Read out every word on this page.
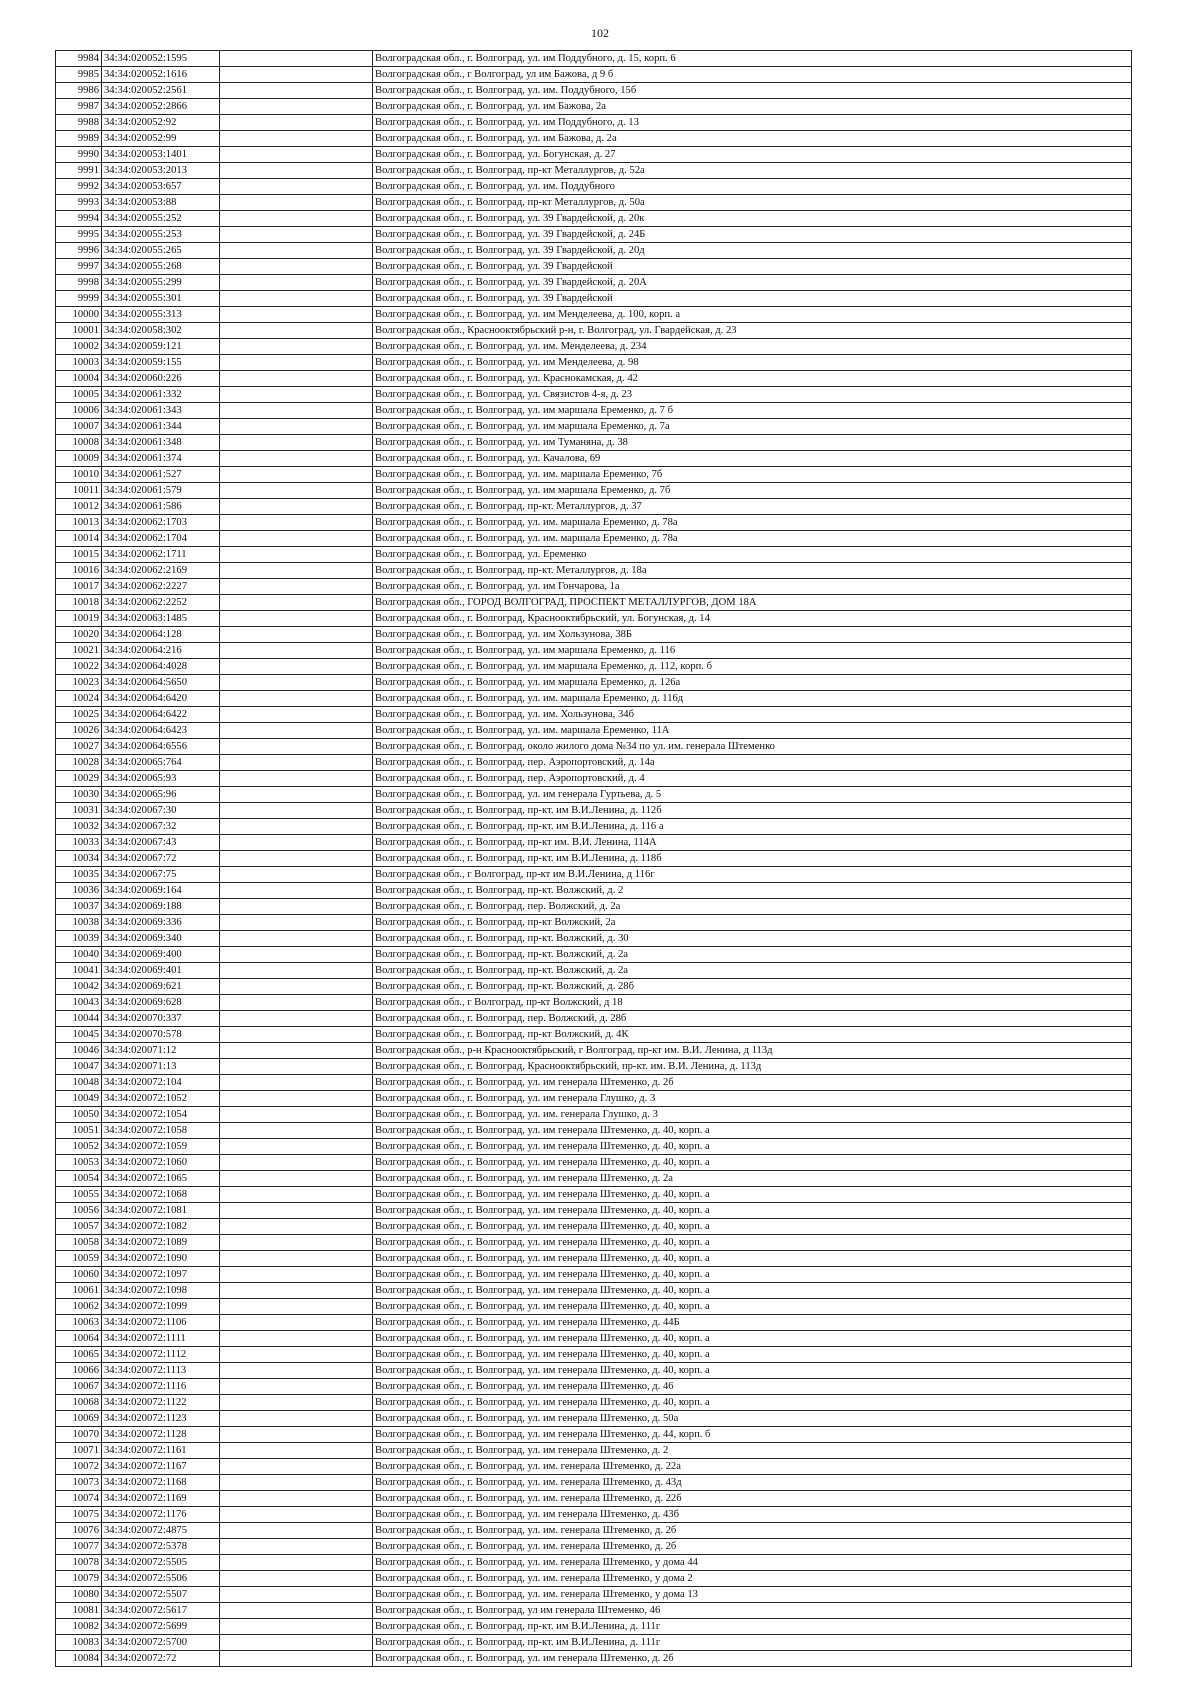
102
9984	34:34:020052:1595		Волгоградская обл., г. Волгоград, ул. им Поддубного, д. 15, корп. 6
9985	34:34:020052:1616		Волгоградская обл., г Волгоград, ул им Бажова, д 9 б
9986	34:34:020052:2561		Волгоградская обл., г. Волгоград, ул. им. Поддубного, 15б
9987	34:34:020052:2866		Волгоградская обл., г. Волгоград, ул. им Бажова, 2а
9988	34:34:020052:92		Волгоградская обл., г. Волгоград, ул. им Поддубного, д. 13
9989	34:34:020052:99		Волгоградская обл., г. Волгоград, ул. им Бажова, д. 2а
9990	34:34:020053:1401		Волгоградская обл., г. Волгоград, ул. Богунская, д. 27
9991	34:34:020053:2013		Волгоградская обл., г. Волгоград, пр-кт Металлургов, д. 52а
9992	34:34:020053:657		Волгоградская обл., г. Волгоград, ул. им. Поддубного
9993	34:34:020053:88		Волгоградская обл., г. Волгоград, пр-кт Металлургов, д. 50а
9994	34:34:020055:252		Волгоградская обл., г. Волгоград, ул. 39 Гвардейской, д. 20к
9995	34:34:020055:253		Волгоградская обл., г. Волгоград, ул. 39 Гвардейской, д. 24Б
9996	34:34:020055:265		Волгоградская обл., г. Волгоград, ул. 39 Гвардейской, д. 20д
9997	34:34:020055:268		Волгоградская обл., г. Волгоград, ул. 39 Гвардейской
9998	34:34:020055:299		Волгоградская обл., г. Волгоград, ул. 39 Гвардейской, д. 20А
9999	34:34:020055:301		Волгоградская обл., г. Волгоград, ул. 39 Гвардейской
10000	34:34:020055:313		Волгоградская обл., г. Волгоград, ул. им Менделеева, д. 100, корп. а
10001	34:34:020058:302		Волгоградская обл., Краснооктябрьский р-н, г. Волгоград, ул. Гвардейская, д. 23
10002	34:34:020059:121		Волгоградская обл., г. Волгоград, ул. им. Менделеева, д. 234
10003	34:34:020059:155		Волгоградская обл., г. Волгоград, ул. им Менделеева, д. 98
10004	34:34:020060:226		Волгоградская обл., г. Волгоград, ул. Краснокамская, д. 42
10005	34:34:020061:332		Волгоградская обл., г. Волгоград, ул. Связистов 4-я, д. 23
10006	34:34:020061:343		Волгоградская обл., г. Волгоград, ул. им маршала Еременко, д. 7 б
10007	34:34:020061:344		Волгоградская обл., г. Волгоград, ул. им маршала Еременко, д. 7а
10008	34:34:020061:348		Волгоградская обл., г. Волгоград, ул. им Туманяна, д. 38
10009	34:34:020061:374		Волгоградская обл., г. Волгоград, ул. Качалова, 69
10010	34:34:020061:527		Волгоградская обл., г. Волгоград, ул. им. маршала Еременко, 7б
10011	34:34:020061:579		Волгоградская обл., г. Волгоград, ул. им маршала Еременко, д. 7б
10012	34:34:020061:586		Волгоградская обл., г. Волгоград, пр-кт. Металлургов, д. 37
10013	34:34:020062:1703		Волгоградская обл., г. Волгоград, ул. им. маршала Еременко, д. 78а
10014	34:34:020062:1704		Волгоградская обл., г. Волгоград, ул. им. маршала Еременко, д. 78а
10015	34:34:020062:1711		Волгоградская обл., г. Волгоград, ул. Еременко
10016	34:34:020062:2169		Волгоградская обл., г. Волгоград, пр-кт. Металлургов, д. 18а
10017	34:34:020062:2227		Волгоградская обл., г. Волгоград, ул. им Гончарова, 1а
10018	34:34:020062:2252		Волгоградская обл., ГОРОД ВОЛГОГРАД, ПРОСПЕКТ МЕТАЛЛУРГОВ, ДОМ 18А
10019	34:34:020063:1485		Волгоградская обл., г. Волгоград, Краснооктябрьский, ул. Богунская, д. 14
10020	34:34:020064:128		Волгоградская обл., г. Волгоград, ул. им Хользунова, 38Б
10021	34:34:020064:216		Волгоградская обл., г. Волгоград, ул. им маршала Еременко, д. 116
10022	34:34:020064:4028		Волгоградская обл., г. Волгоград, ул. им маршала Еременко, д. 112, корп. б
10023	34:34:020064:5650		Волгоградская обл., г. Волгоград, ул. им маршала Еременко, д. 126а
10024	34:34:020064:6420		Волгоградская обл., г. Волгоград, ул. им. маршала Еременко, д. 116д
10025	34:34:020064:6422		Волгоградская обл., г. Волгоград, ул. им. Хользунова, 34б
10026	34:34:020064:6423		Волгоградская обл., г. Волгоград, ул. им. маршала Еременко, 11А
10027	34:34:020064:6556		Волгоградская обл., г. Волгоград, около жилого дома №34 по ул. им. генерала Штеменко
10028	34:34:020065:764		Волгоградская обл., г. Волгоград, пер. Аэропортовский, д. 14а
10029	34:34:020065:93		Волгоградская обл., г. Волгоград, пер. Аэропортовский, д. 4
10030	34:34:020065:96		Волгоградская обл., г. Волгоград, ул. им генерала Гуртьева, д. 5
10031	34:34:020067:30		Волгоградская обл., г. Волгоград, пр-кт. им В.И.Ленина, д. 112б
10032	34:34:020067:32		Волгоградская обл., г. Волгоград, пр-кт. им В.И.Ленина, д. 116 а
10033	34:34:020067:43		Волгоградская обл., г. Волгоград, пр-кт им. В.И. Ленина, 114А
10034	34:34:020067:72		Волгоградская обл., г. Волгоград, пр-кт. им В.И.Ленина, д. 118б
10035	34:34:020067:75		Волгоградская обл., г Волгоград, пр-кт им В.И.Ленина, д 116г
10036	34:34:020069:164		Волгоградская обл., г. Волгоград, пр-кт. Волжский, д. 2
10037	34:34:020069:188		Волгоградская обл., г. Волгоград, пер. Волжский, д. 2а
10038	34:34:020069:336		Волгоградская обл., г. Волгоград, пр-кт Волжский, 2а
10039	34:34:020069:340		Волгоградская обл., г. Волгоград, пр-кт. Волжский, д. 30
10040	34:34:020069:400		Волгоградская обл., г. Волгоград, пр-кт. Волжский, д. 2а
10041	34:34:020069:401		Волгоградская обл., г. Волгоград, пр-кт. Волжский, д. 2а
10042	34:34:020069:621		Волгоградская обл., г. Волгоград, пр-кт. Волжский, д. 28б
10043	34:34:020069:628		Волгоградская обл., г Волгоград, пр-кт Волжский, д 18
10044	34:34:020070:337		Волгоградская обл., г. Волгоград, пер. Волжский, д. 28б
10045	34:34:020070:578		Волгоградская обл., г. Волгоград, пр-кт Волжский, д. 4К
10046	34:34:020071:12		Волгоградская обл., р-н Краснооктябрьский, г Волгоград, пр-кт им. В.И. Ленина, д 113д
10047	34:34:020071:13		Волгоградская обл., г. Волгоград, Краснооктябрьский, пр-кт. им. В.И. Ленина, д. 113д
10048	34:34:020072:104		Волгоградская обл., г. Волгоград, ул. им генерала Штеменко, д. 2б
10049	34:34:020072:1052		Волгоградская обл., г. Волгоград, ул. им генерала Глушко, д. 3
10050	34:34:020072:1054		Волгоградская обл., г. Волгоград, ул. им. генерала Глушко, д. 3
10051	34:34:020072:1058		Волгоградская обл., г. Волгоград, ул. им генерала Штеменко, д. 40, корп. а
10052	34:34:020072:1059		Волгоградская обл., г. Волгоград, ул. им генерала Штеменко, д. 40, корп. а
10053	34:34:020072:1060		Волгоградская обл., г. Волгоград, ул. им генерала Штеменко, д. 40, корп. а
10054	34:34:020072:1065		Волгоградская обл., г. Волгоград, ул. им генерала Штеменко, д. 2а
10055	34:34:020072:1068		Волгоградская обл., г. Волгоград, ул. им генерала Штеменко, д. 40, корп. а
10056	34:34:020072:1081		Волгоградская обл., г. Волгоград, ул. им генерала Штеменко, д. 40, корп. а
10057	34:34:020072:1082		Волгоградская обл., г. Волгоград, ул. им генерала Штеменко, д. 40, корп. а
10058	34:34:020072:1089		Волгоградская обл., г. Волгоград, ул. им генерала Штеменко, д. 40, корп. а
10059	34:34:020072:1090		Волгоградская обл., г. Волгоград, ул. им генерала Штеменко, д. 40, корп. а
10060	34:34:020072:1097		Волгоградская обл., г. Волгоград, ул. им генерала Штеменко, д. 40, корп. а
10061	34:34:020072:1098		Волгоградская обл., г. Волгоград, ул. им генерала Штеменко, д. 40, корп. а
10062	34:34:020072:1099		Волгоградская обл., г. Волгоград, ул. им генерала Штеменко, д. 40, корп. а
10063	34:34:020072:1106		Волгоградская обл., г. Волгоград, ул. им генерала Штеменко, д. 44Б
10064	34:34:020072:1111		Волгоградская обл., г. Волгоград, ул. им генерала Штеменко, д. 40, корп. а
10065	34:34:020072:1112		Волгоградская обл., г. Волгоград, ул. им генерала Штеменко, д. 40, корп. а
10066	34:34:020072:1113		Волгоградская обл., г. Волгоград, ул. им генерала Штеменко, д. 40, корп. а
10067	34:34:020072:1116		Волгоградская обл., г. Волгоград, ул. им генерала Штеменко, д. 46
10068	34:34:020072:1122		Волгоградская обл., г. Волгоград, ул. им генерала Штеменко, д. 40, корп. а
10069	34:34:020072:1123		Волгоградская обл., г. Волгоград, ул. им генерала Штеменко, д. 50а
10070	34:34:020072:1128		Волгоградская обл., г. Волгоград, ул. им генерала Штеменко, д. 44, корп. б
10071	34:34:020072:1161		Волгоградская обл., г. Волгоград, ул. им генерала Штеменко, д. 2
10072	34:34:020072:1167		Волгоградская обл., г. Волгоград, ул. им. генерала Штеменко, д. 22а
10073	34:34:020072:1168		Волгоградская обл., г. Волгоград, ул. им. генерала Штеменко, д. 43д
10074	34:34:020072:1169		Волгоградская обл., г. Волгоград, ул. им. генерала Штеменко, д. 22б
10075	34:34:020072:1176		Волгоградская обл., г. Волгоград, ул. им генерала Штеменко, д. 43б
10076	34:34:020072:4875		Волгоградская обл., г. Волгоград, ул. им. генерала Штеменко, д. 2б
10077	34:34:020072:5378		Волгоградская обл., г. Волгоград, ул. им. генерала Штеменко, д. 2б
10078	34:34:020072:5505		Волгоградская обл., г. Волгоград, ул. им. генерала Штеменко, у дома 44
10079	34:34:020072:5506		Волгоградская обл., г. Волгоград, ул. им. генерала Штеменко, у дома 2
10080	34:34:020072:5507		Волгоградская обл., г. Волгоград, ул. им. генерала Штеменко, у дома 13
10081	34:34:020072:5617		Волгоградская обл., г. Волгоград, ул им генерала Штеменко, 46
10082	34:34:020072:5699		Волгоградская обл., г. Волгоград, пр-кт. им В.И.Ленина, д. 111г
10083	34:34:020072:5700		Волгоградская обл., г. Волгоград, пр-кт. им В.И.Ленина, д. 111г
10084	34:34:020072:72		Волгоградская обл., г. Волгоград, ул. им генерала Штеменко, д. 2б
